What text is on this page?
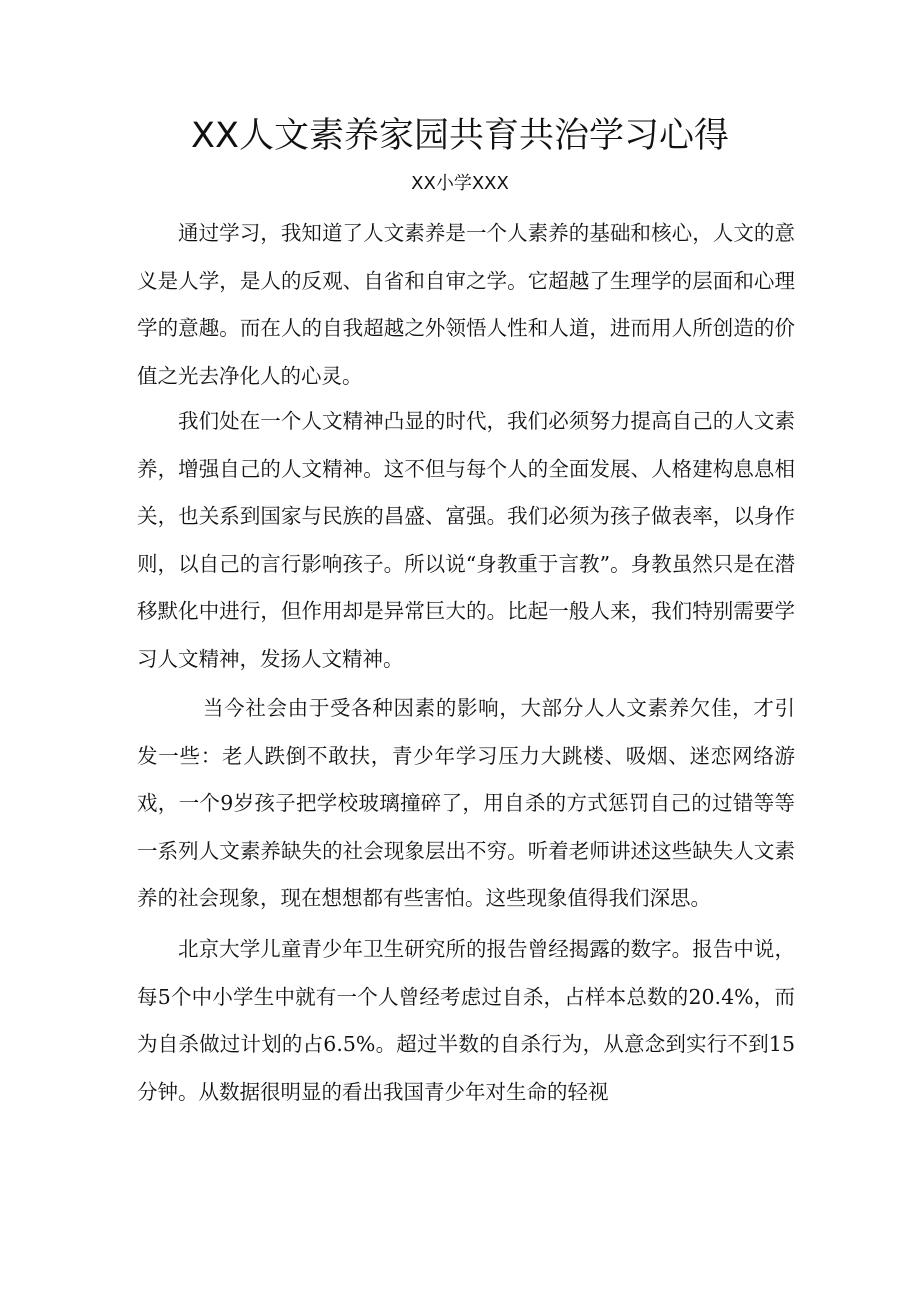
XX人文素养家园共育共治学习心得
XX小学XXX

通过学习，我知道了人文素养是一个人素养的基础和核心，人文的意义是人学，是人的反观、自省和自审之学。它超越了生理学的层面和心理学的意趣。而在人的自我超越之外领悟人性和人道，进而用人所创造的价值之光去净化人的心灵。

我们处在一个人文精神凸显的时代，我们必须努力提高自己的人文素养，增强自己的人文精神。这不但与每个人的全面发展、人格建构息息相关，也关系到国家与民族的昌盛、富强。我们必须为孩子做表率，以身作则，以自己的言行影响孩子。所以说“身教重于言教”。身教虽然只是在潜移默化中进行，但作用却是异常巨大的。比起一般人来，我们特别需要学习人文精神，发扬人文精神。

当今社会由于受各种因素的影响，大部分人人文素养欠佳，才引发一些：老人跌倒不敢扶，青少年学习压力大跳楼、吸烟、迷恋网络游戏，一个9岁孩子把学校玻璃撞碎了，用自杀的方式惩罚自己的过错等等一系列人文素养缺失的社会现象层出不穷。听着老师讲述这些缺失人文素养的社会现象，现在想想都有些害怕。这些现象值得我们深思。

北京大学儿童青少年卫生研究所的报告曾经揭露的数字。报告中说，每5个中小学生中就有一个人曾经考虑过自杀，占样本总数的20.4%，而为自杀做过计划的占6.5%。超过半数的自杀行为，从意念到实行不到15分钟。从数据很明显的看出我国青少年对生命的轻视
